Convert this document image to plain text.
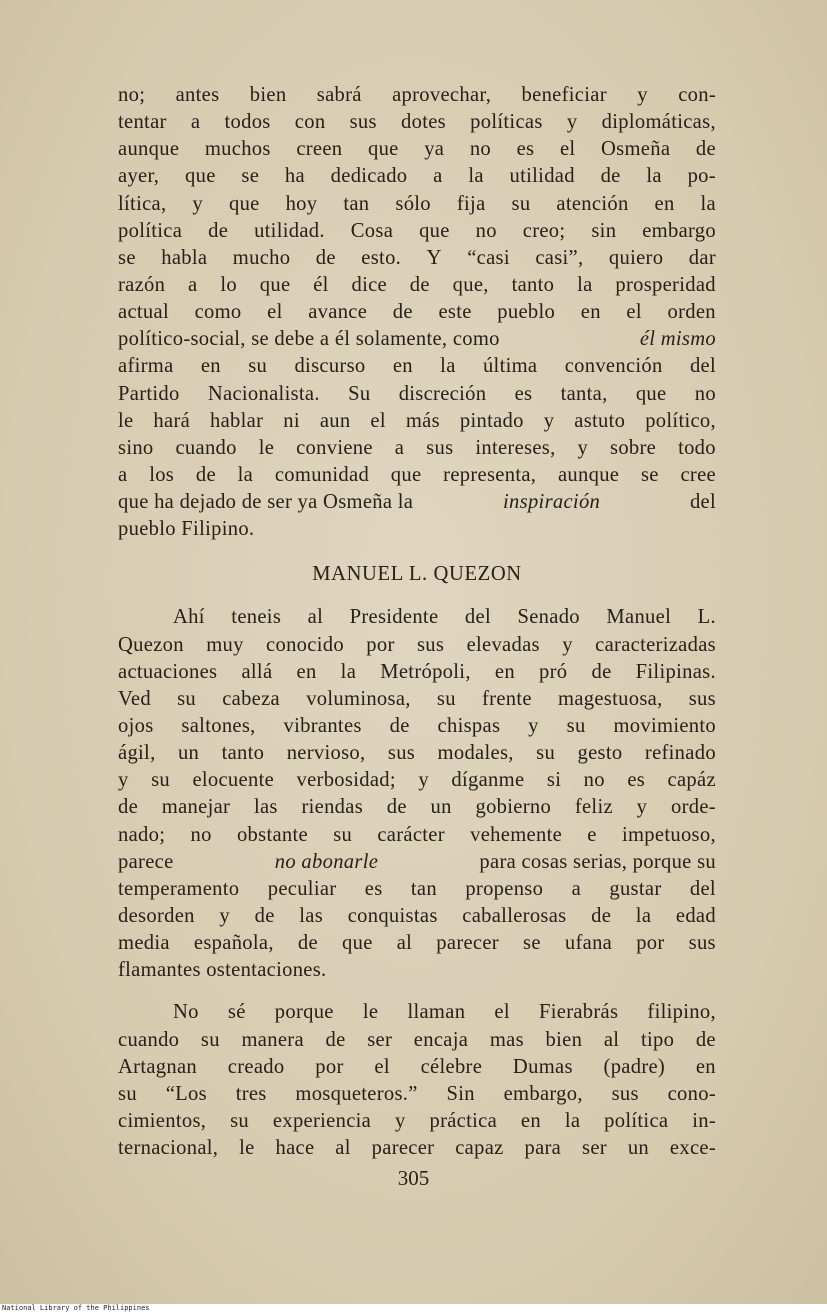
no; antes bien sabrá aprovechar, beneficiar y con-
tentar a todos con sus dotes políticas y diplomáticas,
aunque muchos creen que ya no es el Osmeña de
ayer, que se ha dedicado a la utilidad de la po-
lítica, y que hoy tan sólo fija su atención en la
política de utilidad. Cosa que no creo; sin embargo
se habla mucho de esto. Y “casi casi”, quiero dar
razón a lo que él dice de que, tanto la prosperidad
actual como el avance de este pueblo en el orden
político-social, se debe a él solamente, como	él mismo
afirma en su discurso en la última convención del
Partido Nacionalista. Su discreción es tanta, que no
le hará hablar ni aun el más pintado y astuto político,
sino cuando le conviene a sus intereses, y sobre todo
a los de la comunidad que representa, aunque se cree
que ha dejado de ser ya Osmeña la	inspiración	del
pueblo Filipino.
MANUEL L. QUEZON
Ahí teneis al Presidente del Senado Manuel L.
Quezon muy conocido por sus elevadas y caracterizadas
actuaciones allá en la Metrópoli, en pró de Filipinas.
Ved su cabeza voluminosa, su frente magestuosa, sus
ojos saltones, vibrantes de chispas y su movimiento
ágil, un tanto nervioso, sus modales, su gesto refinado
y su elocuente verbosidad; y díganme si no es capáz
de manejar las riendas de un gobierno feliz y orde-
nado; no obstante su carácter vehemente e impetuoso,
parece	no abonarle	para cosas serias, porque su
temperamento peculiar es tan propenso a gustar del
desorden y de las conquistas caballerosas de la edad
media española, de que al parecer se ufana por sus
flamantes ostentaciones.
No sé porque le llaman el Fierabrás filipino,
cuando su manera de ser encaja mas bien al tipo de
Artagnan creado por el célebre Dumas (padre) en
su “Los tres mosqueteros.” Sin embargo, sus cono-
cimientos, su experiencia y práctica en la política in-
ternacional, le hace al parecer capaz para ser un exce-
305
National Library of the Philippines
